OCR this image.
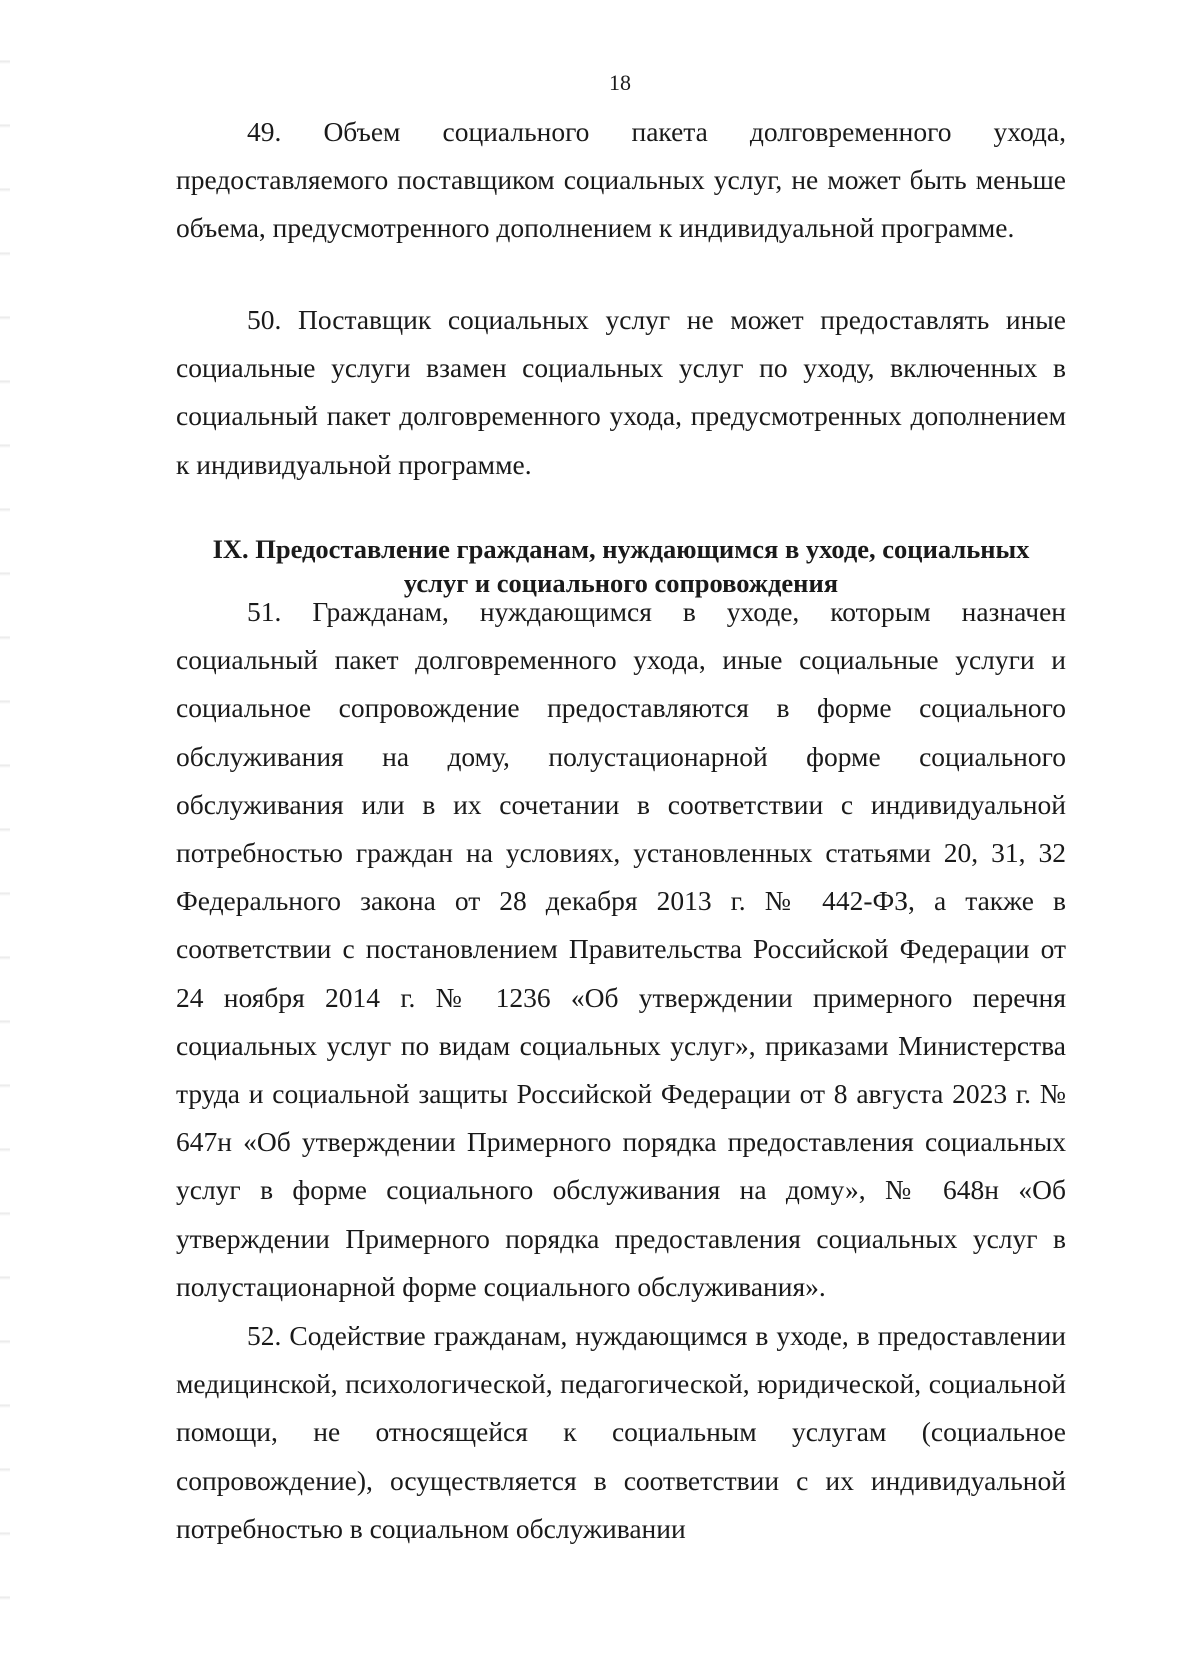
18

49. Объем социального пакета долговременного ухода, предоставляемого поставщиком социальных услуг, не может быть меньше объема, предусмотренного дополнением к индивидуальной программе.

50. Поставщик социальных услуг не может предоставлять иные социальные услуги взамен социальных услуг по уходу, включенных в социальный пакет долговременного ухода, предусмотренных дополнением к индивидуальной программе.

IX. Предоставление гражданам, нуждающимся в уходе, социальных
услуг и социального сопровождения

51. Гражданам, нуждающимся в уходе, которым назначен социальный пакет долговременного ухода, иные социальные услуги и социальное сопровождение предоставляются в форме социального обслуживания на дому, полустационарной форме социального обслуживания или в их сочетании в соответствии с индивидуальной потребностью граждан на условиях, установленных статьями 20, 31, 32 Федерального закона от 28 декабря 2013 г. № 442-ФЗ, а также в соответствии с постановлением Правительства Российской Федерации от 24 ноября 2014 г. № 1236 «Об утверждении примерного перечня социальных услуг по видам социальных услуг», приказами Министерства труда и социальной защиты Российской Федерации от 8 августа 2023 г. № 647н «Об утверждении Примерного порядка предоставления социальных услуг в форме социального обслуживания на дому», № 648н «Об утверждении Примерного порядка предоставления социальных услуг в полустационарной форме социального обслуживания».

52. Содействие гражданам, нуждающимся в уходе, в предоставлении медицинской, психологической, педагогической, юридической, социальной помощи, не относящейся к социальным услугам (социальное сопровождение), осуществляется в соответствии с их индивидуальной потребностью в социальном обслуживании
